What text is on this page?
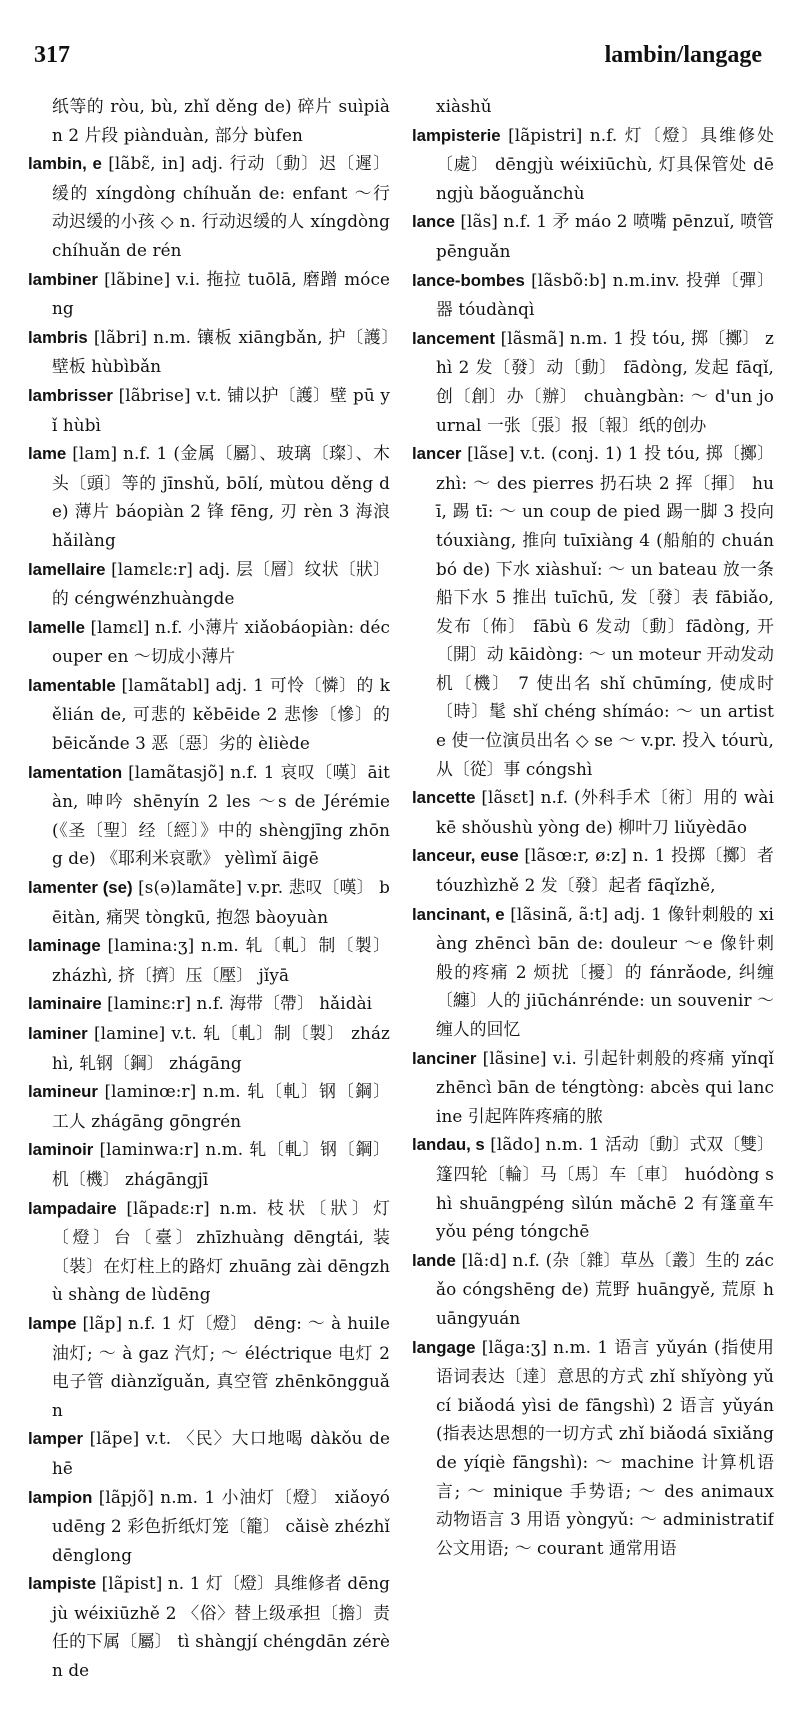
317	lambin/langage
纸等的 ròu, bù, zhǐ děng de) 碎片 suìpiàn 2 片段 piànduàn, 部分 bùfen
lambin, e [lãbɛ̃, in] adj. 行动〔動〕迟〔遲〕缓的 xíngdòng chíhuǎn de: enfant ～行动迟缓的小孩 ◇ n. 行动迟缓的人 xíngdòng chíhuǎn de rén
lambiner [lãbine] v.i. 拖拉 tuōlā, 磨蹭 móceng
lambris [lãbri] n.m. 镶板 xiāngbǎn, 护〔護〕壁板 hùbìbǎn
lambrisser [lãbrise] v.t. 铺以护〔護〕壁 pū yǐ hùbì
lame [lam] n.f. 1 (金属〔屬〕、玻璃〔璨〕、木头〔頭〕等的 jīnshǔ, bōlí, mùtou děng de) 薄片 báopiàn 2 锋 fēng, 刃 rèn 3 海浪 hǎilàng
lamellaire [lamɛlɛ:r] adj. 层〔層〕纹状〔狀〕的 céngwénzhuàngde
lamelle [lamɛl] n.f. 小薄片 xiǎobáopiàn: découper en ～切成小薄片
lamentable [lamãtabl] adj. 1 可怜〔憐〕的 kělián de, 可悲的 kěbēide 2 悲惨〔慘〕的 bēicǎnde 3 恶〔惡〕劣的 èliède
lamentation [lamãtasjõ] n.f. 1 哀叹〔嘆〕āitàn, 呻吟 shēnyín 2 les ～s de Jérémie (《圣〔聖〕经〔經〕》中的 shèngjīng zhōng de) 《耶利米哀歌》 yèlìmǐ āigē
lamenter (se) [s(ə)lamãte] v.pr. 悲叹〔嘆〕 bēitàn, 痛哭 tòngkū, 抱怨 bàoyuàn
laminage [lamina:ʒ] n.m. 轧〔軋〕制〔製〕 zházhì, 挤〔擠〕压〔壓〕 jǐyā
laminaire [laminɛ:r] n.f. 海带〔帶〕 hǎidài
laminer [lamine] v.t. 轧〔軋〕制〔製〕 zházhì, 轧钢〔鋼〕 zhágāng
lamineur [laminœ:r] n.m. 轧〔軋〕钢〔鋼〕工人 zhágāng gōngrén
laminoir [laminwa:r] n.m. 轧〔軋〕钢〔鋼〕机〔機〕 zhágāngjī
lampadaire [lãpadɛ:r] n.m. 枝状〔狀〕灯〔燈〕台〔臺〕zhīzhuàng dēngtái, 装〔裝〕在灯柱上的路灯 zhuāng zài dēngzhù shàng de lùdēng
lampe [lãp] n.f. 1 灯〔燈〕 dēng: ～ à huile 油灯; ～ à gaz 汽灯; ～ éléctrique 电灯 2 电子管 diànzǐguǎn, 真空管 zhēnkōngguǎn
lamper [lãpe] v.t. 〈民〉大口地喝 dàkǒu de hē
lampion [lãpjõ] n.m. 1 小油灯〔燈〕 xiǎoyóudēng 2 彩色折纸灯笼〔籠〕 cǎisè zhézhǐ dēnglong
lampiste [lãpist] n. 1 灯〔燈〕具维修者 dēngjù wéixiūzhě 2 〈俗〉替上级承担〔擔〕责任的下属〔屬〕 tì shàngjí chéngdān zérèn de
xiàshǔ
lampisterie [lãpistri] n.f. 灯〔燈〕具维修处〔處〕 dēngjù wéixiūchù, 灯具保管处 dēngjù bǎoguǎnchù
lance [lãs] n.f. 1 矛 máo 2 喷嘴 pēnzuǐ, 喷管 pēnguǎn
lance-bombes [lãsbõ:b] n.m.inv. 投弹〔彈〕器 tóudànqì
lancement [lãsmã] n.m. 1 投 tóu, 掷〔擲〕 zhì 2 发〔發〕动〔動〕 fādòng, 发起 fāqǐ, 创〔創〕办〔辦〕 chuàngbàn: ～ d'un journal 一张〔張〕报〔報〕纸的创办
lancer [lãse] v.t. (conj. 1) 1 投 tóu, 掷〔擲〕 zhì: ～ des pierres 扔石块 2 挥〔揮〕 huī, 踢 tī: ～ un coup de pied 踢一脚 3 投向 tóuxiàng, 推向 tuīxiàng 4 (船舶的 chuánbó de) 下水 xiàshuǐ: ～ un bateau 放一条船下水 5 推出 tuīchū, 发〔發〕表 fābiǎo, 发布〔佈〕 fābù 6 发动〔動〕fādòng, 开〔開〕动 kāidòng: ～ un moteur 开动发动机〔機〕 7 使出名 shǐ chūmíng, 使成时〔時〕髦 shǐ chéng shímáo: ～ un artiste 使一位演员出名 ◇ se ～ v.pr. 投入 tóurù, 从〔從〕事 cóngshì
lancette [lãsɛt] n.f. (外科手术〔術〕用的 wàikē shǒushù yòng de) 柳叶刀 liǔyèdāo
lanceur, euse [lãsœ:r, ø:z] n. 1 投掷〔擲〕者 tóuzhìzhě 2 发〔發〕起者 fāqǐzhě,
lancinant, e [lãsinã, ã:t] adj. 1 像针刺般的 xiàng zhēncì bān de: douleur ～e 像针刺般的疼痛 2 烦扰〔擾〕的 fánrǎode, 纠缠〔纏〕人的 jiūchánrénde: un souvenir ～ 缠人的回忆
lanciner [lãsine] v.i. 引起针刺般的疼痛 yǐnqǐ zhēncì bān de téngtòng: abcès qui lancine 引起阵阵疼痛的脓
landau, s [lãdo] n.m. 1 活动〔動〕式双〔雙〕篷四轮〔輪〕马〔馬〕车〔車〕 huódòng shì shuāngpéng sìlún mǎchē 2 有篷童车 yǒu péng tóngchē
lande [lã:d] n.f. (杂〔雜〕草丛〔叢〕生的 zácǎo cóngshēng de) 荒野 huāngyě, 荒原 huāngyuán
langage [lãga:ʒ] n.m. 1 语言 yǔyán (指使用语词表达〔達〕意思的方式 zhǐ shǐyòng yǔcí biǎodá yìsi de fāngshì) 2 语言 yǔyán (指表达思想的一切方式 zhǐ biǎodá sīxiǎng de yíqiè fāngshì): ～ machine 计算机语言; ～ minique 手势语; ～ des animaux 动物语言 3 用语 yòngyǔ: ～ administratif 公文用语; ～ courant 通常用语
